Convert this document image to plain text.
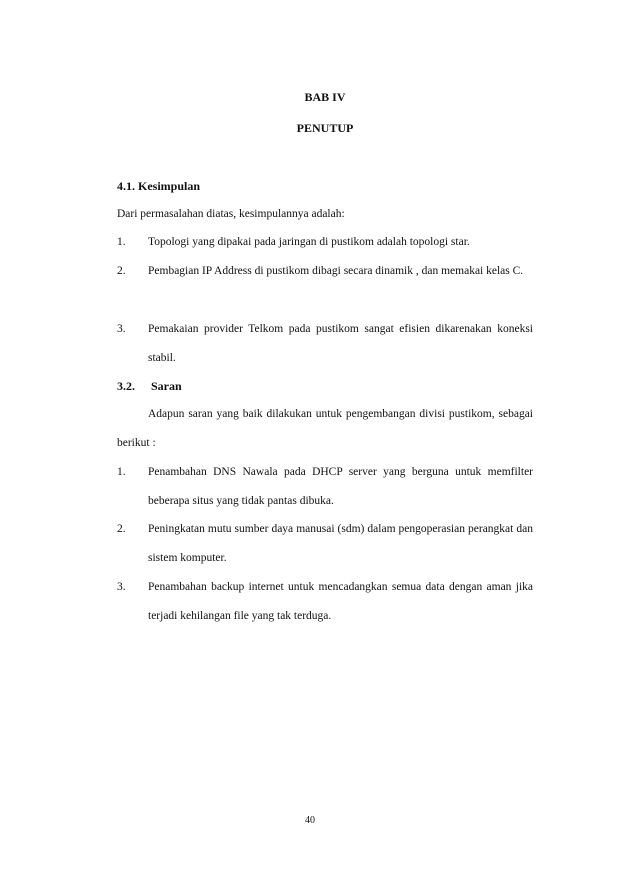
BAB IV
PENUTUP
4.1. Kesimpulan
Dari permasalahan diatas, kesimpulannya adalah:
1. Topologi yang dipakai pada jaringan di pustikom adalah topologi star.
2. Pembagian IP Address di pustikom dibagi secara dinamik , dan memakai kelas C.
3. Pemakaian provider Telkom pada pustikom sangat efisien dikarenakan koneksi stabil.
3.2. Saran
Adapun saran yang baik dilakukan untuk pengembangan divisi pustikom, sebagai berikut :
1. Penambahan DNS Nawala pada DHCP server yang berguna untuk memfilter beberapa situs yang tidak pantas dibuka.
2. Peningkatan mutu sumber daya manusai (sdm) dalam pengoperasian perangkat dan sistem komputer.
3. Penambahan backup internet untuk mencadangkan semua data dengan aman jika terjadi kehilangan file yang tak terduga.
40
